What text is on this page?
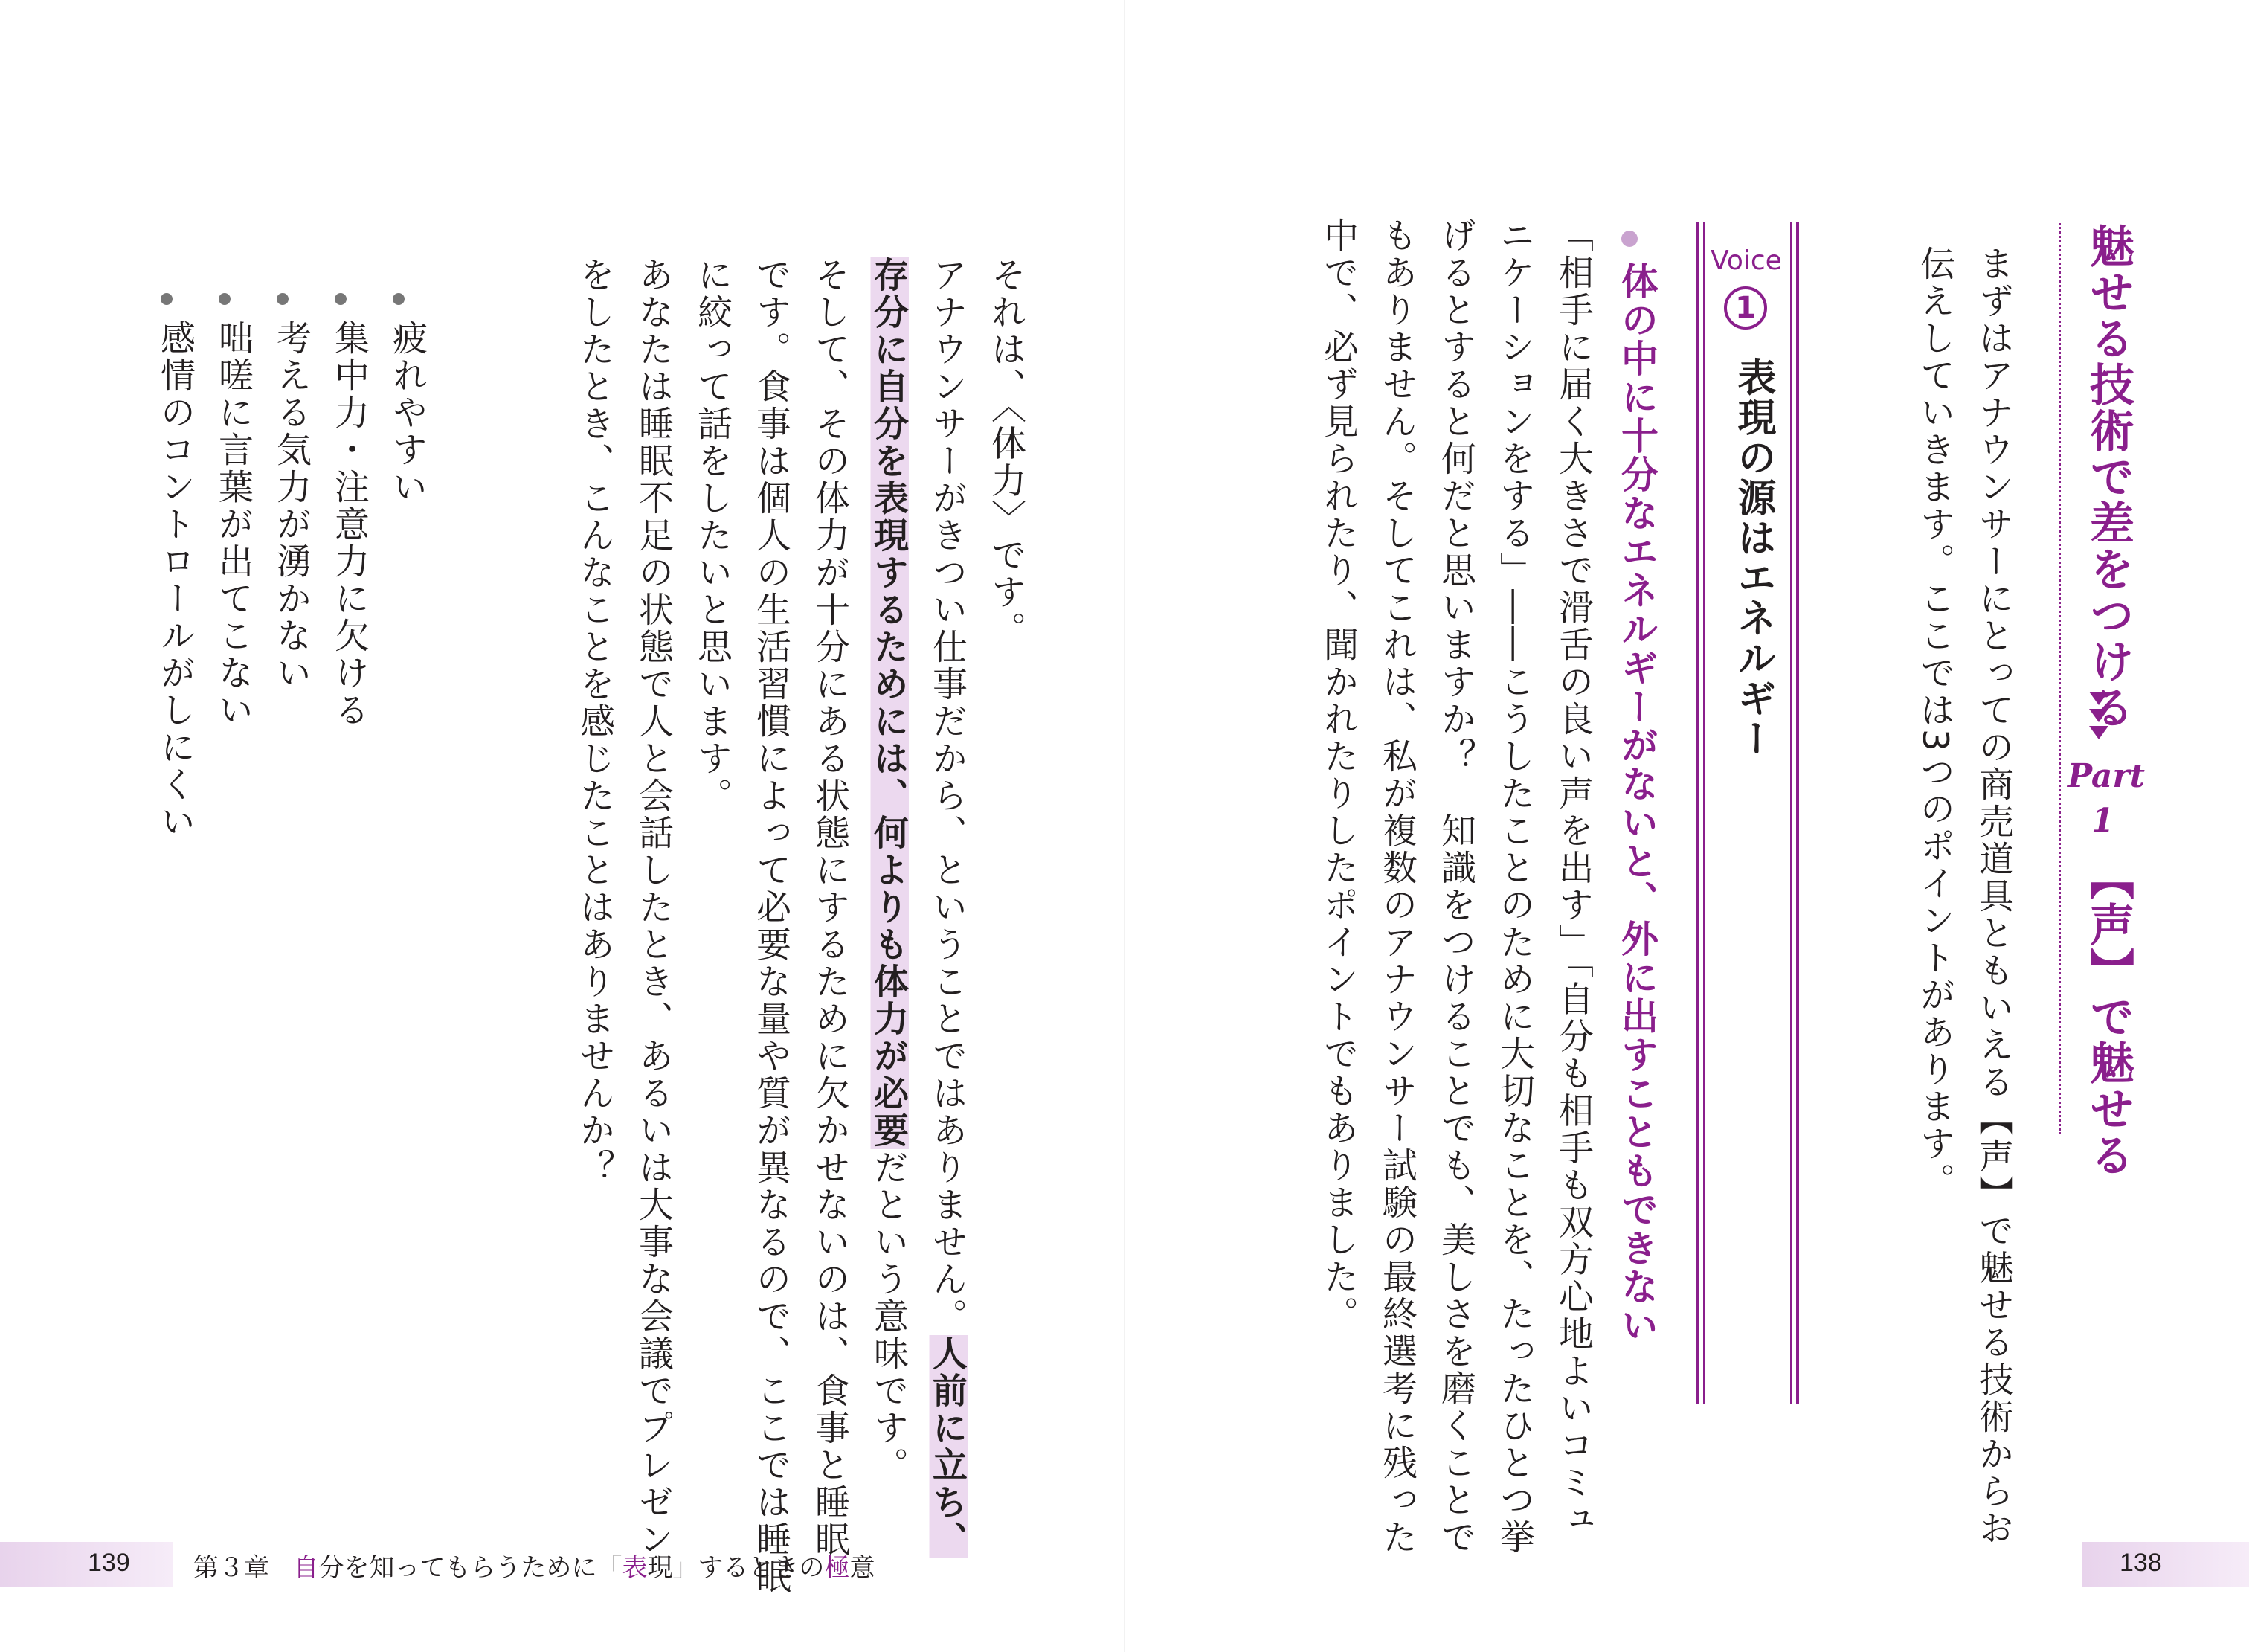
魅せる技術で差をつける
Part
1
【声】で魅せる
まずはアナウンサーにとっての商売道具ともいえる【声】で魅せる技術からお
伝えしていきます。ここでは3つのポイントがあります。
Voice
1
表現の源はエネルギー
体の中に十分なエネルギーがないと、外に出すこともできない
「相手に届く大きさで滑舌の良い声を出す」「自分も相手も双方心地よいコミュ
ニケーションをする」――こうしたことのために大切なことを、たったひとつ挙
げるとすると何だと思いますか？　知識をつけることでも、美しさを磨くことで
もありません。そしてこれは、私が複数のアナウンサー試験の最終選考に残った
中で、必ず見られたり、聞かれたりしたポイントでもありました。
138
それは、〈体力〉です。
アナウンサーがきつい仕事だから、ということではありません。人前に立ち、
存分に自分を表現するためには、何よりも体力が必要だという意味です。
そして、その体力が十分にある状態にするために欠かせないのは、食事と睡眠
です。食事は個人の生活習慣によって必要な量や質が異なるので、ここでは睡眠
に絞って話をしたいと思います。
あなたは睡眠不足の状態で人と会話したとき、あるいは大事な会議でプレゼン
をしたとき、こんなことを感じたことはありませんか？
疲れやすい
集中力・注意力に欠ける
考える気力が湧かない
咄嗟に言葉が出てこない
感情のコントロールがしにくい
139	第３章 自分を知ってもらうために「表現」するときの極意
